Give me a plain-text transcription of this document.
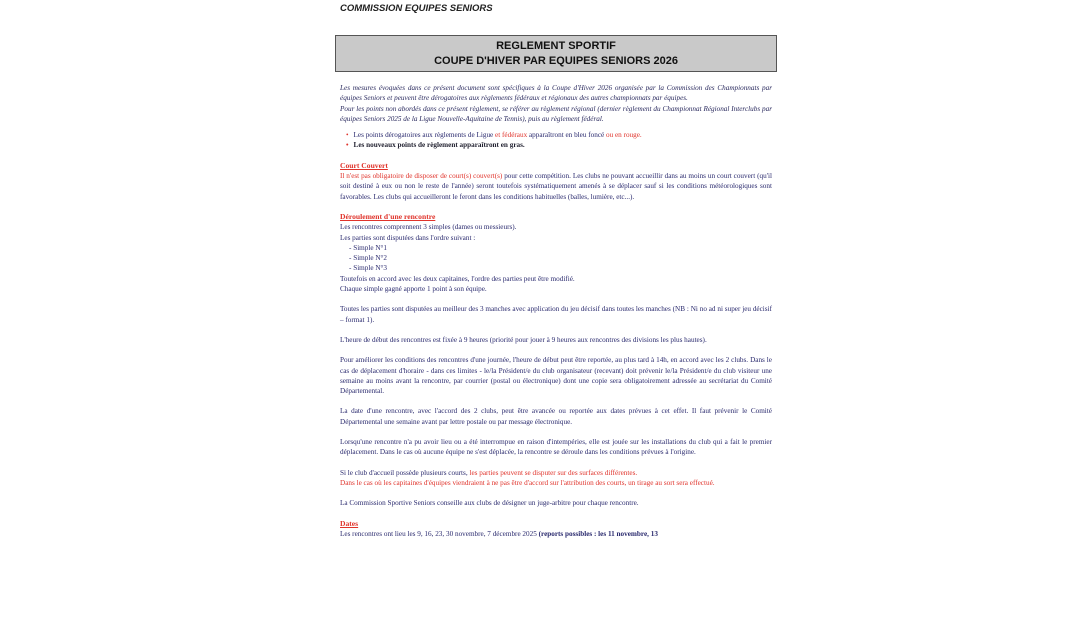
COMMISSION EQUIPES SENIORS
REGLEMENT SPORTIF
COUPE D'HIVER PAR EQUIPES SENIORS 2026

Les mesures évoquées dans ce présent document sont spécifiques à la Coupe d'Hiver 2026 organisée par la Commission des Championnats par équipes Seniors et peuvent être dérogatoires aux règlements fédéraux et régionaux des autres championnats par équipes.

Pour les points non abordés dans ce présent règlement, se référer au règlement régional (dernier règlement du Championnat Régional Interclubs par équipes Seniors 2025 de la Ligue Nouvelle-Aquitaine de Tennis), puis au règlement fédéral.

• Les points dérogatoires aux règlements de Ligue et fédéraux apparaîtront en bleu foncé ou en rouge.

• Les nouveaux points de règlement apparaîtront en gras.

Court Couvert

Il n'est pas obligatoire de disposer de court(s) couvert(s) pour cette compétition. Les clubs ne pouvant accueillir dans au moins un court couvert (qu'il soit destiné à eux ou non le reste de l'année) seront toutefois systématiquement amenés à se déplacer sauf si les conditions météorologiques sont favorables. Les clubs qui accueilleront le feront dans les conditions habituelles (balles, lumière, etc...).

Déroulement d'une rencontre

Les rencontres comprennent 3 simples (dames ou messieurs).

Les parties sont disputées dans l'ordre suivant :

- Simple N°1

- Simple N°2

- Simple N°3

Toutefois en accord avec les deux capitaines, l'ordre des parties peut être modifié.

Chaque simple gagné apporte 1 point à son équipe.

Toutes les parties sont disputées au meilleur des 3 manches avec application du jeu décisif dans toutes les manches (NB : Ni no ad ni super jeu décisif – format 1).

L'heure de début des rencontres est fixée à 9 heures (priorité pour jouer à 9 heures aux rencontres des divisions les plus hautes).

Pour améliorer les conditions des rencontres d'une journée, l'heure de début peut être reportée, au plus tard à 14h, en accord avec les 2 clubs. Dans le cas de déplacement d'horaire - dans ces limites - le/la Président/e du club organisateur (recevant) doit prévenir le/la Président/e du club visiteur une semaine au moins avant la rencontre, par courrier (postal ou électronique) dont une copie sera obligatoirement adressée au secrétariat du Comité Départemental.

La date d'une rencontre, avec l'accord des 2 clubs, peut être avancée ou reportée aux dates prévues à cet effet. Il faut prévenir le Comité Départemental une semaine avant par lettre postale ou par message électronique.

Lorsqu'une rencontre n'a pu avoir lieu ou a été interrompue en raison d'intempéries, elle est jouée sur les installations du club qui a fait le premier déplacement. Dans le cas où aucune équipe ne s'est déplacée, la rencontre se déroule dans les conditions prévues à l'origine.

Si le club d'accueil possède plusieurs courts, les parties peuvent se disputer sur des surfaces différentes.

Dans le cas où les capitaines d'équipes viendraient à ne pas être d'accord sur l'attribution des courts, un tirage au sort sera effectué.

La Commission Sportive Seniors conseille aux clubs de désigner un juge-arbitre pour chaque rencontre.

Dates

Les rencontres ont lieu les 9, 16, 23, 30 novembre, 7 décembre 2025 (reports possibles : les 11 novembre, 13
